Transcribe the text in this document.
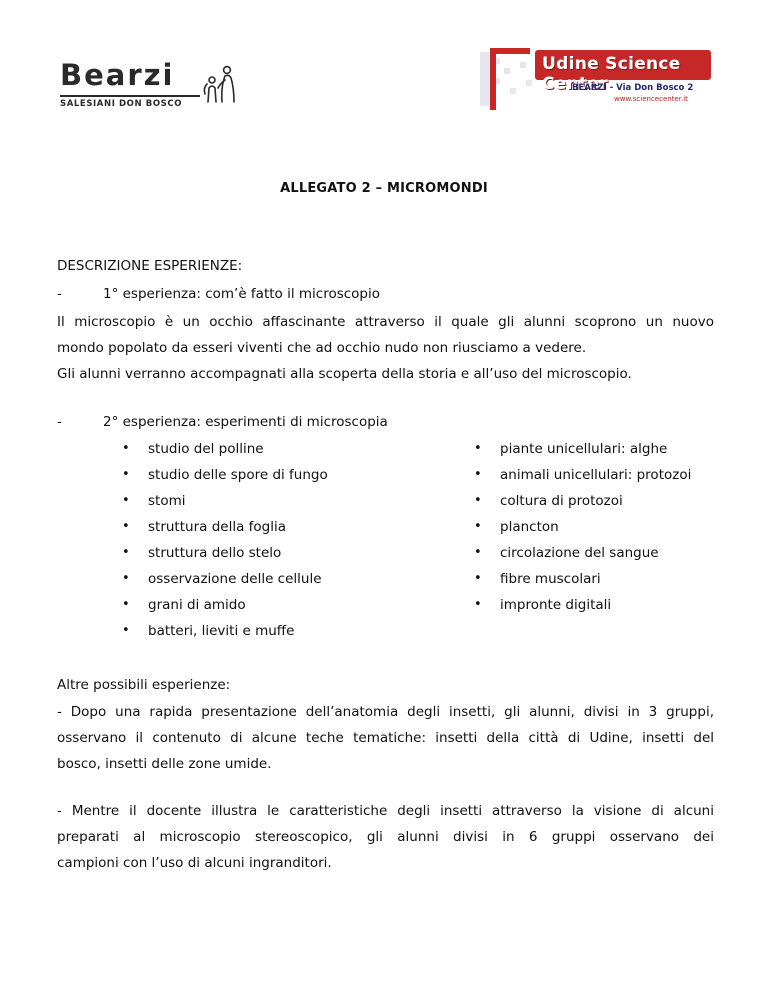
Bearzi
SALESIANI DON BOSCO
Udine Science Center
BEARZI - Via Don Bosco 2
www.sciencecenter.it
ALLEGATO 2 – MICROMONDI
DESCRIZIONE ESPERIENZE:
-	1° esperienza: com’è fatto il microscopio
Il microscopio è un occhio affascinante attraverso il quale gli alunni scoprono un nuovo
mondo popolato da esseri viventi che ad occhio nudo non riusciamo a vedere.
Gli alunni verranno accompagnati alla scoperta della storia e all’uso del microscopio.
-	2° esperienza: esperimenti di microscopia
• studio del polline
• studio delle spore di fungo
• stomi
• struttura della foglia
• struttura dello stelo
• osservazione delle cellule
• grani di amido
• batteri, lieviti e muffe
• piante unicellulari: alghe
• animali unicellulari: protozoi
• coltura di protozoi
• plancton
• circolazione del sangue
• fibre muscolari
• impronte digitali
Altre possibili esperienze:
- Dopo una rapida presentazione dell’anatomia degli insetti, gli alunni, divisi in 3 gruppi,
osservano il contenuto di alcune teche tematiche: insetti della città di Udine, insetti del
bosco, insetti delle zone umide.
- Mentre il docente illustra le caratteristiche degli insetti attraverso la visione di alcuni
preparati al microscopio stereoscopico, gli alunni divisi in 6 gruppi osservano dei
campioni con l’uso di alcuni ingranditori.
